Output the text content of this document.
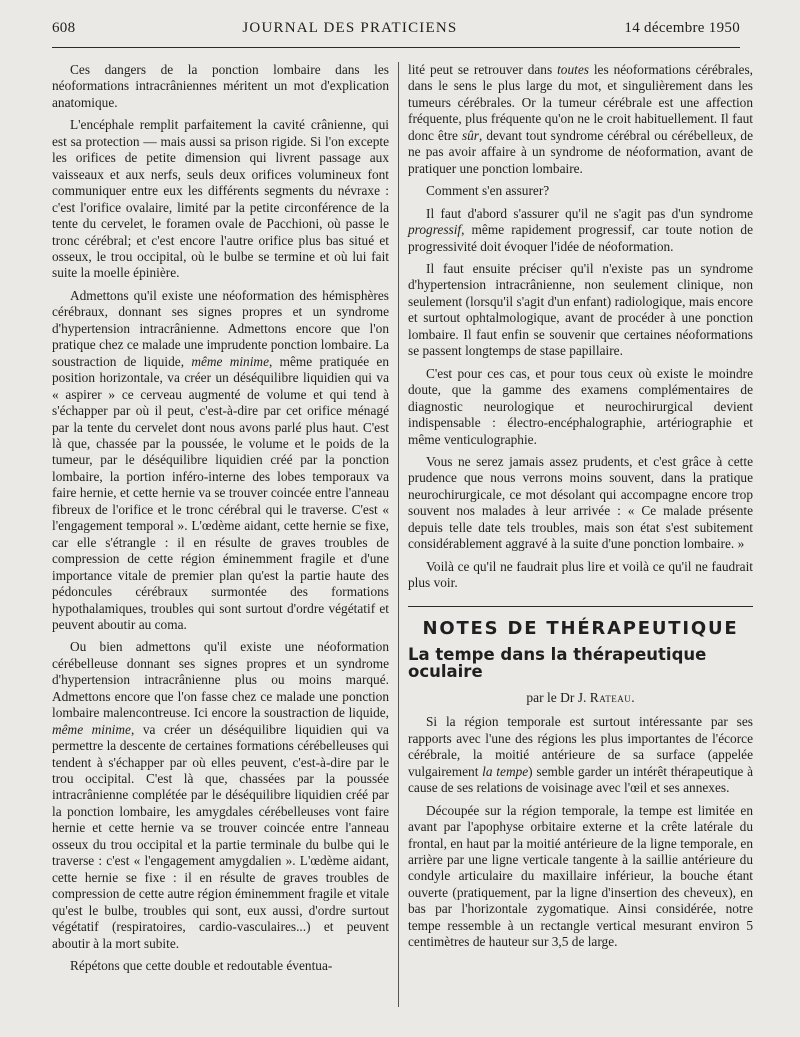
608	JOURNAL DES PRATICIENS	14 décembre 1950

Ces dangers de la ponction lombaire dans les néoformations intracrâniennes méritent un mot d'explication anatomique.

L'encéphale remplit parfaitement la cavité crânienne, qui est sa protection — mais aussi sa prison rigide. Si l'on excepte les orifices de petite dimension qui livrent passage aux vaisseaux et aux nerfs, seuls deux orifices volumineux font communiquer entre eux les différents segments du névraxe : c'est l'orifice ovalaire, limité par la petite circonférence de la tente du cervelet, le foramen ovale de Pacchioni, où passe le tronc cérébral; et c'est encore l'autre orifice plus bas situé et osseux, le trou occipital, où le bulbe se termine et où lui fait suite la moelle épinière.

Admettons qu'il existe une néoformation des hémisphères cérébraux, donnant ses signes propres et un syndrome d'hypertension intracrânienne. Admettons encore que l'on pratique chez ce malade une imprudente ponction lombaire. La soustraction de liquide, même minime, même pratiquée en position horizontale, va créer un déséquilibre liquidien qui va « aspirer » ce cerveau augmenté de volume et qui tend à s'échapper par où il peut, c'est-à-dire par cet orifice ménagé par la tente du cervelet dont nous avons parlé plus haut. C'est là que, chassée par la poussée, le volume et le poids de la tumeur, par le déséquilibre liquidien créé par la ponction lombaire, la portion inféro-interne des lobes temporaux va faire hernie, et cette hernie va se trouver coincée entre l'anneau fibreux de l'orifice et le tronc cérébral qui le traverse. C'est « l'engagement temporal ». L'œdème aidant, cette hernie se fixe, car elle s'étrangle : il en résulte de graves troubles de compression de cette région éminemment fragile et d'une importance vitale de premier plan qu'est la partie haute des pédoncules cérébraux surmontée des formations hypothalamiques, troubles qui sont surtout d'ordre végétatif et peuvent aboutir au coma.

Ou bien admettons qu'il existe une néoformation cérébelleuse donnant ses signes propres et un syndrome d'hypertension intracrânienne plus ou moins marqué. Admettons encore que l'on fasse chez ce malade une ponction lombaire malencontreuse. Ici encore la soustraction de liquide, même minime, va créer un déséquilibre liquidien qui va permettre la descente de certaines formations cérébelleuses qui tendent à s'échapper par où elles peuvent, c'est-à-dire par le trou occipital. C'est là que, chassées par la poussée intracrânienne complétée par le déséquilibre liquidien créé par la ponction lombaire, les amygdales cérébelleuses vont faire hernie et cette hernie va se trouver coincée entre l'anneau osseux du trou occipital et la partie terminale du bulbe qui le traverse : c'est « l'engagement amygdalien ». L'œdème aidant, cette hernie se fixe : il en résulte de graves troubles de compression de cette autre région éminemment fragile et vitale qu'est le bulbe, troubles qui sont, eux aussi, d'ordre surtout végétatif (respiratoires, cardio-vasculaires...) et peuvent aboutir à la mort subite.

Répétons que cette double et redoutable éventua-

lité peut se retrouver dans toutes les néoformations cérébrales, dans le sens le plus large du mot, et singulièrement dans les tumeurs cérébrales. Or la tumeur cérébrale est une affection fréquente, plus fréquente qu'on ne le croit habituellement. Il faut donc être sûr, devant tout syndrome cérébral ou cérébelleux, de ne pas avoir affaire à un syndrome de néoformation, avant de pratiquer une ponction lombaire.

Comment s'en assurer?

Il faut d'abord s'assurer qu'il ne s'agit pas d'un syndrome progressif, même rapidement progressif, car toute notion de progressivité doit évoquer l'idée de néoformation.

Il faut ensuite préciser qu'il n'existe pas un syndrome d'hypertension intracrânienne, non seulement clinique, non seulement (lorsqu'il s'agit d'un enfant) radiologique, mais encore et surtout ophtalmologique, avant de procéder à une ponction lombaire. Il faut enfin se souvenir que certaines néoformations se passent longtemps de stase papillaire.

C'est pour ces cas, et pour tous ceux où existe le moindre doute, que la gamme des examens complémentaires de diagnostic neurologique et neurochirurgical devient indispensable : électro-encéphalographie, artériographie et même venticulographie.

Vous ne serez jamais assez prudents, et c'est grâce à cette prudence que nous verrons moins souvent, dans la pratique neurochirurgicale, ce mot désolant qui accompagne encore trop souvent nos malades à leur arrivée : « Ce malade présente depuis telle date tels troubles, mais son état s'est subitement considérablement aggravé à la suite d'une ponction lombaire. »

Voilà ce qu'il ne faudrait plus lire et voilà ce qu'il ne faudrait plus voir.

NOTES DE THÉRAPEUTIQUE
La tempe dans la thérapeutique oculaire
par le Dr J. Rateau.

Si la région temporale est surtout intéressante par ses rapports avec l'une des régions les plus importantes de l'écorce cérébrale, la moitié antérieure de sa surface (appelée vulgairement la tempe) semble garder un intérêt thérapeutique à cause de ses relations de voisinage avec l'œil et ses annexes.

Découpée sur la région temporale, la tempe est limitée en avant par l'apophyse orbitaire externe et la crête latérale du frontal, en haut par la moitié antérieure de la ligne temporale, en arrière par une ligne verticale tangente à la saillie antérieure du condyle articulaire du maxillaire inférieur, la bouche étant ouverte (pratiquement, par la ligne d'insertion des cheveux), en bas par l'horizontale zygomatique. Ainsi considérée, notre tempe ressemble à un rectangle vertical mesurant environ 5 centimètres de hauteur sur 3,5 de large.
